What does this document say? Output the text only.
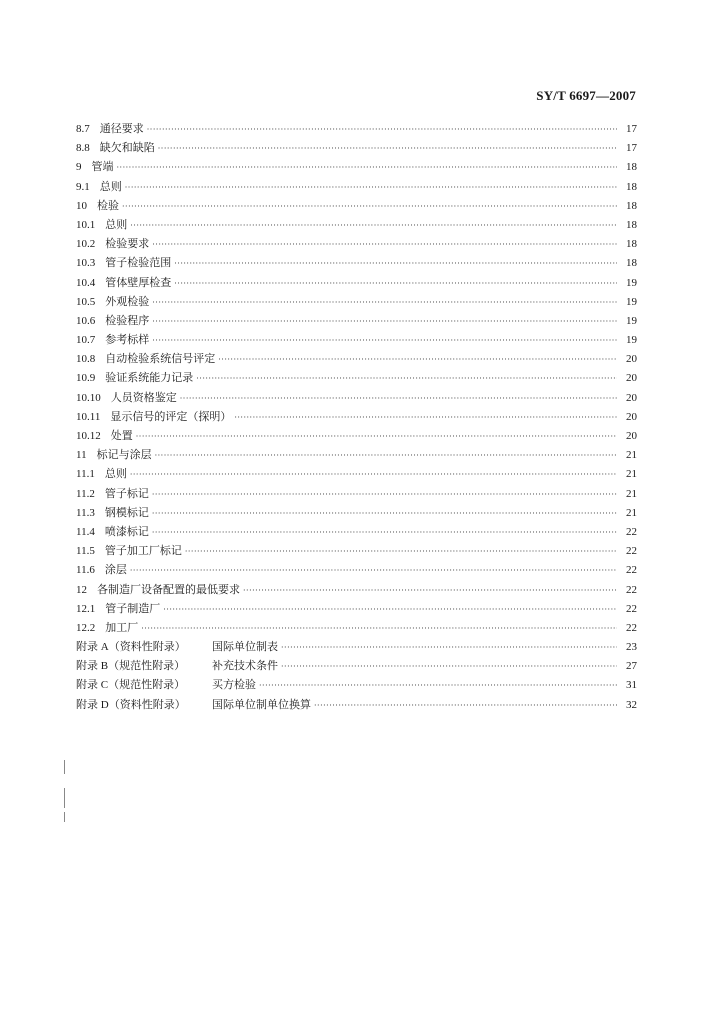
SY/T 6697—2007
8.7 通径要求 ·····	17
8.8 缺欠和缺陷 ·····	17
9 管端 ·····	18
9.1 总则 ·····	18
10 检验 ·····	18
10.1 总则 ·····	18
10.2 检验要求 ·····	18
10.3 管子检验范围 ·····	18
10.4 管体壁厚检查 ·····	19
10.5 外观检验 ·····	19
10.6 检验程序 ·····	19
10.7 参考标样 ·····	19
10.8 自动检验系统信号评定 ·····	20
10.9 验证系统能力记录 ·····	20
10.10 人员资格鉴定 ·····	20
10.11 显示信号的评定（探明） ·····	20
10.12 处置 ·····	20
11 标记与涂层 ·····	21
11.1 总则 ·····	21
11.2 管子标记 ·····	21
11.3 钢模标记 ·····	21
11.4 喷漆标记 ·····	22
11.5 管子加工厂标记 ·····	22
11.6 涂层 ·····	22
12 各制造厂设备配置的最低要求 ·····	22
12.1 管子制造厂 ·····	22
12.2 加工厂 ·····	22
附录 A（资料性附录）	国际单位制表 ·····	23
附录 B（规范性附录）	补充技术条件 ·····	27
附录 C（规范性附录）	买方检验 ·····	31
附录 D（资料性附录）	国际单位制单位换算 ·····	32
